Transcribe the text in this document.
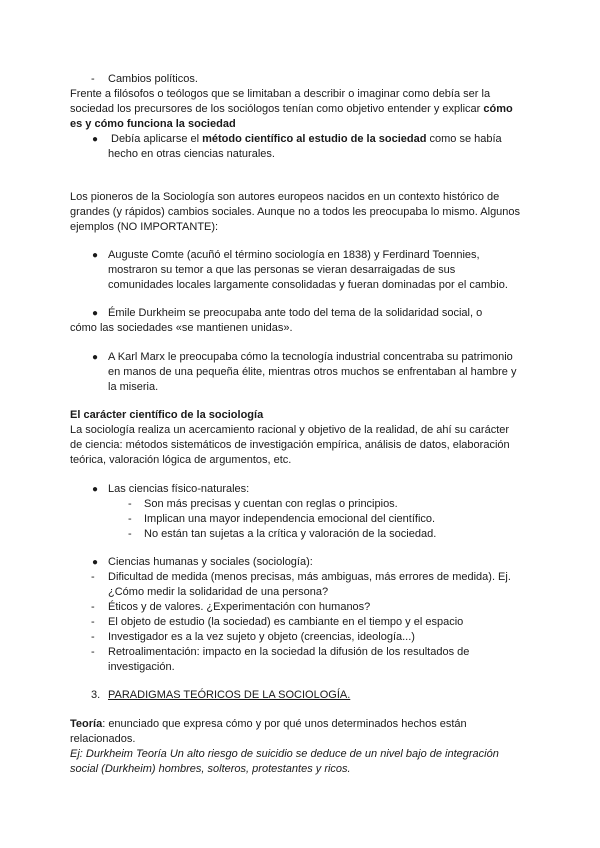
- Cambios políticos.
Frente a filósofos o teólogos que se limitaban a describir o imaginar como debía ser la
sociedad los precursores de los sociólogos tenían como objetivo entender y explicar cómo
es y cómo funciona la sociedad
● Debía aplicarse el método científico al estudio de la sociedad como se había
hecho en otras ciencias naturales.
Los pioneros de la Sociología son autores europeos nacidos en un contexto histórico de
grandes (y rápidos) cambios sociales. Aunque no a todos les preocupaba lo mismo. Algunos
ejemplos (NO IMPORTANTE):
● Auguste Comte (acuñó el término sociología en 1838) y Ferdinard Toennies,
mostraron su temor a que las personas se vieran desarraigadas de sus
comunidades locales largamente consolidadas y fueran dominadas por el cambio.
● Émile Durkheim se preocupaba ante todo del tema de la solidaridad social, o
cómo las sociedades «se mantienen unidas».
● A Karl Marx le preocupaba cómo la tecnología industrial concentraba su patrimonio
en manos de una pequeña élite, mientras otros muchos se enfrentaban al hambre y
la miseria.
El carácter científico de la sociología
La sociología realiza un acercamiento racional y objetivo de la realidad, de ahí su carácter
de ciencia: métodos sistemáticos de investigación empírica, análisis de datos, elaboración
teórica, valoración lógica de argumentos, etc.
● Las ciencias físico-naturales:
- Son más precisas y cuentan con reglas o principios.
- Implican una mayor independencia emocional del científico.
- No están tan sujetas a la crítica y valoración de la sociedad.
● Ciencias humanas y sociales (sociología):
- Dificultad de medida (menos precisas, más ambiguas, más errores de medida). Ej.
¿Cómo medir la solidaridad de una persona?
- Éticos y de valores. ¿Experimentación con humanos?
- El objeto de estudio (la sociedad) es cambiante en el tiempo y el espacio
- Investigador es a la vez sujeto y objeto (creencias, ideología...)
- Retroalimentación: impacto en la sociedad la difusión de los resultados de
investigación.
3. PARADIGMAS TEÓRICOS DE LA SOCIOLOGÍA.
Teoría: enunciado que expresa cómo y por qué unos determinados hechos están
relacionados.
Ej: Durkheim Teoría Un alto riesgo de suicidio se deduce de un nivel bajo de integración
social (Durkheim) hombres, solteros, protestantes y ricos.
